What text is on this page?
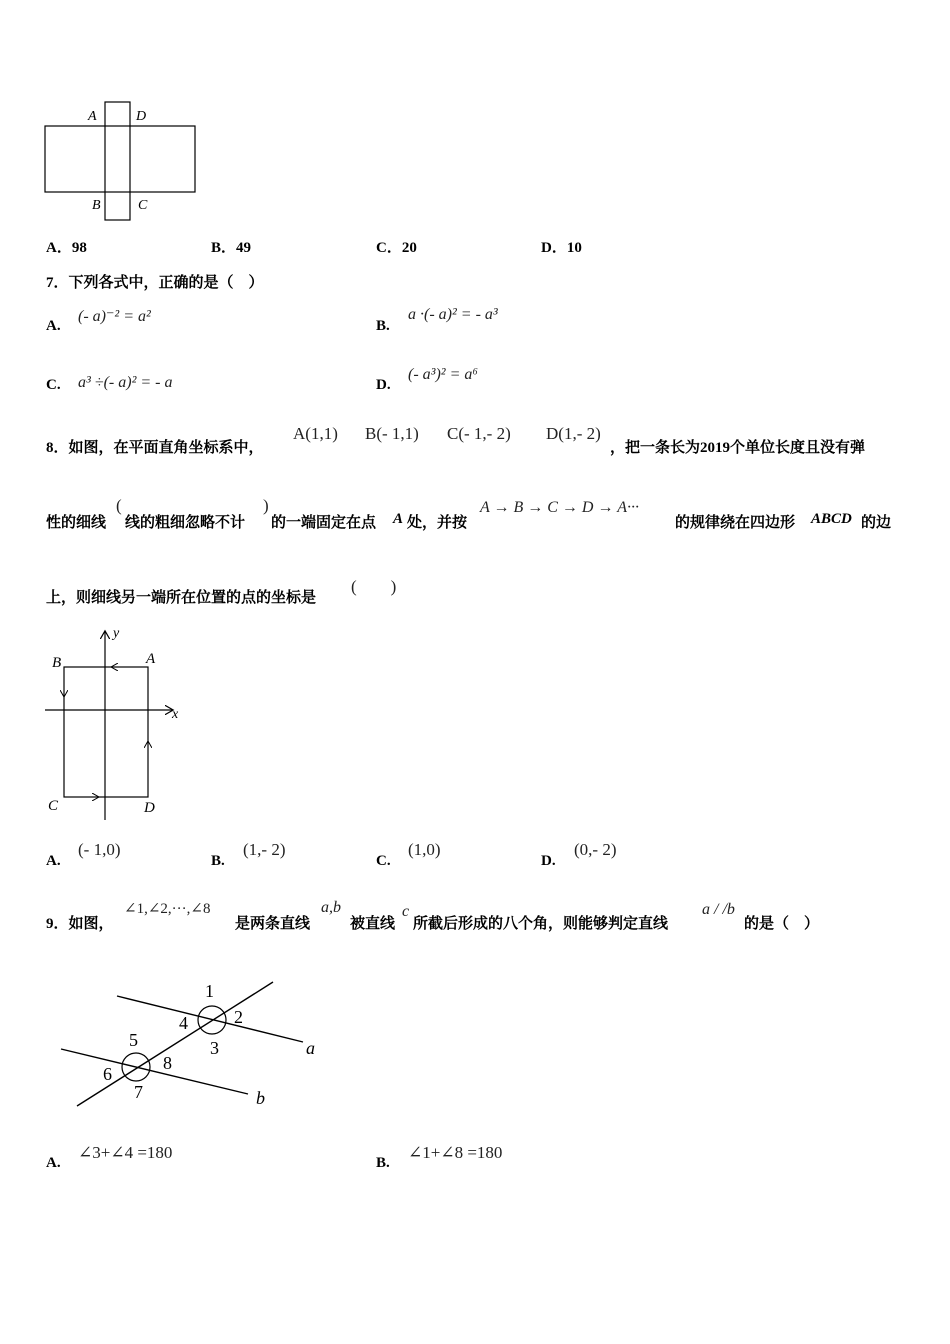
A	D
B	C
A．98	B．49	C．20	D．10
7．下列各式中，正确的是（　）
A.
(- a)⁻² = a²
B.
a ·(- a)² = - a³
C. a³ ÷(- a)² = - a	D.
(- a³)² = a⁶
8．如图，在平面直角坐标系中，
A(1,1) B(- 1,1) C(- 1,- 2) D(1,- 2)
，把一条长为2019个单位长度且没有弹
性的细线
(
线的粗细忽略不计
)
的一端固定在点 A 处，并按
A → B → C → D → A···
的规律绕在四边形 ABCD 的边
上，则细线另一端所在位置的点的坐标是
(　　)
y
x
A
B
C	D
A.
(- 1,0)
B.
(1,- 2)
C.
(1,0)
D.
(0,- 2)
9．如图，
∠1,∠2,···,∠8
是两条直线
a,b
被直线
c
所截后形成的八个角，则能够判定直线
a / /b
的是（　）
1
2
3
4
5
6
7
8
a
b
A.
∠3+∠4 =180
B.
∠1+∠8 =180
